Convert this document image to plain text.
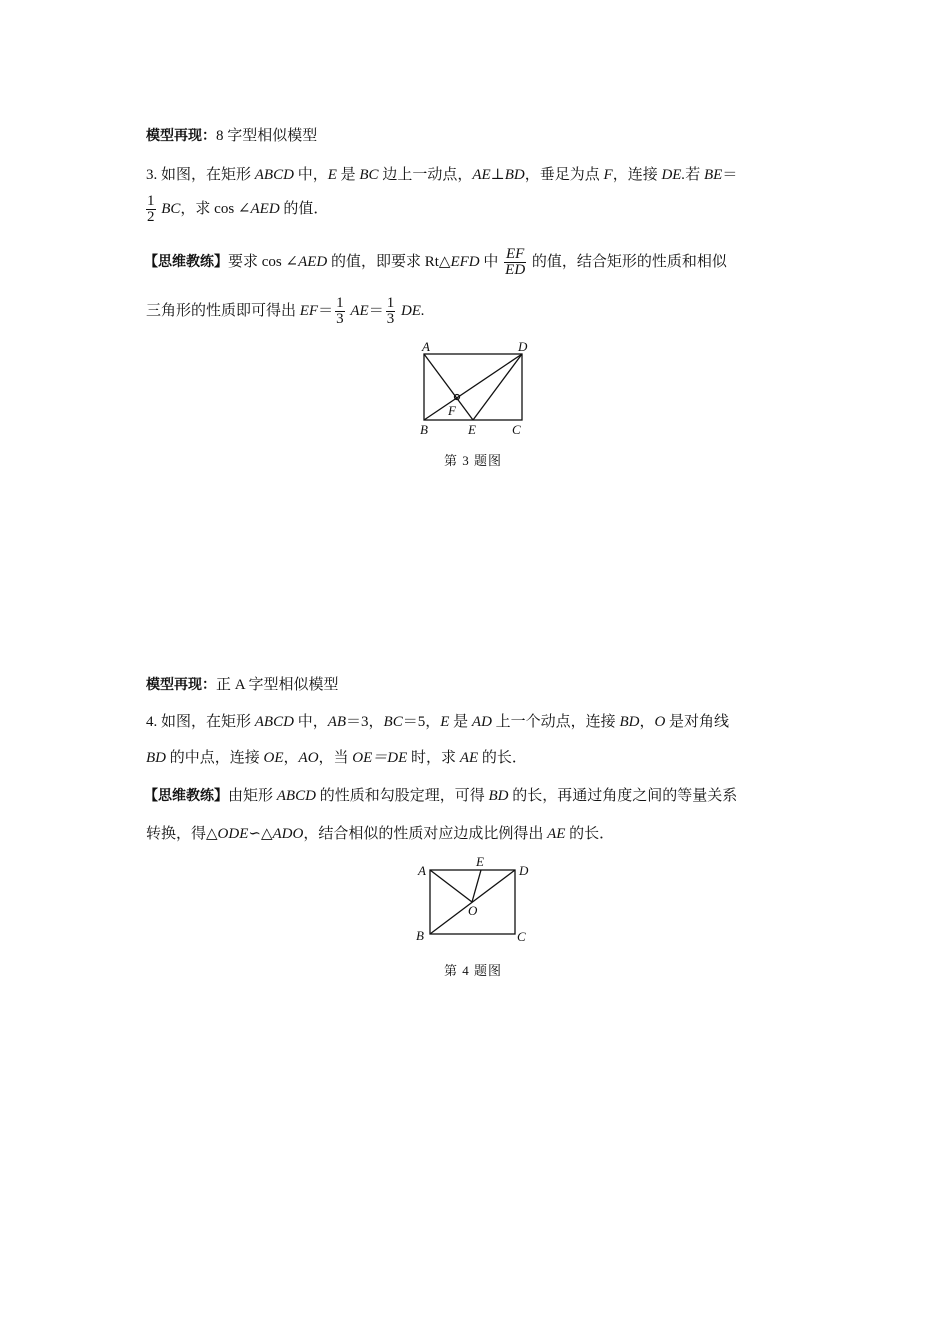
模型再现：8 字型相似模型
3. 如图，在矩形 ABCD 中，E 是 BC 边上一动点，AE⊥BD，垂足为点 F，连接 DE.若 BE＝
$\frac{1}{2}$ BC，求 cos ∠AED 的值．
【思维教练】要求 cos ∠AED 的值，即要求 Rt△EFD 中 $\frac{EF}{ED}$ 的值，结合矩形的性质和相似
三角形的性质即可得出 $EF= \frac{1}{3} AE= \frac{1}{3}$ DE.
A	D
B	E	C
F
第 3 题图
模型再现：正 A 字型相似模型
4. 如图，在矩形 ABCD 中，AB＝3，BC＝5，E 是 AD 上一个动点，连接 BD，O 是对角线
BD 的中点，连接 OE，AO，当 OE＝DE 时，求 AE 的长．
【思维教练】由矩形 ABCD 的性质和勾股定理，可得 BD 的长，再通过角度之间的等量关系
转换，得△ODE∽△ADO，结合相似的性质对应边成比例得出 AE 的长．
A
E
D
O
B	C
第 4 题图
